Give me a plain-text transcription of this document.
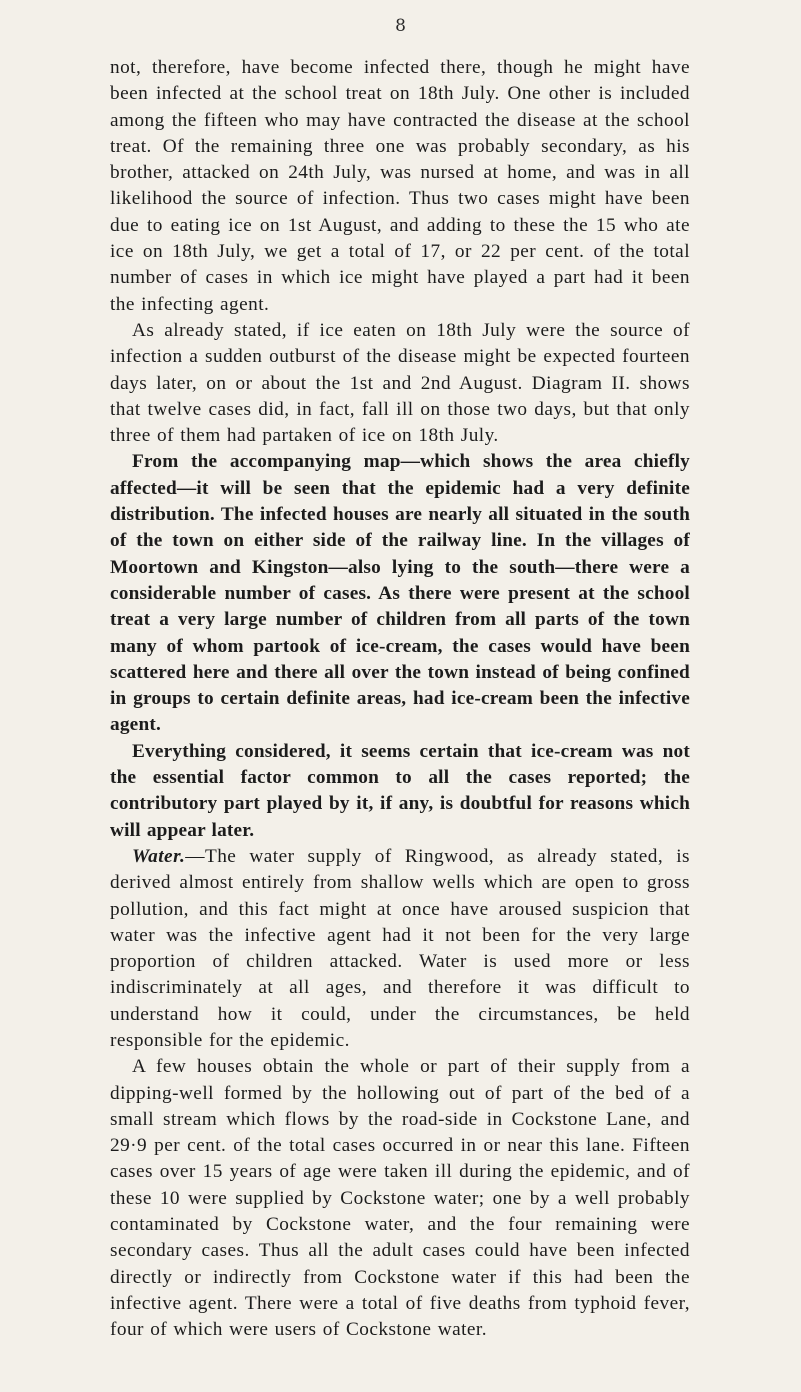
8

not, therefore, have become infected there, though he might have been infected at the school treat on 18th July. One other is included among the fifteen who may have contracted the disease at the school treat. Of the remaining three one was probably secondary, as his brother, attacked on 24th July, was nursed at home, and was in all likelihood the source of infection. Thus two cases might have been due to eating ice on 1st August, and adding to these the 15 who ate ice on 18th July, we get a total of 17, or 22 per cent. of the total number of cases in which ice might have played a part had it been the infecting agent.

As already stated, if ice eaten on 18th July were the source of infection a sudden outburst of the disease might be expected fourteen days later, on or about the 1st and 2nd August. Diagram II. shows that twelve cases did, in fact, fall ill on those two days, but that only three of them had partaken of ice on 18th July.

From the accompanying map—which shows the area chiefly affected—it will be seen that the epidemic had a very definite distribution. The infected houses are nearly all situated in the south of the town on either side of the railway line. In the villages of Moortown and Kingston—also lying to the south—there were a considerable number of cases. As there were present at the school treat a very large number of children from all parts of the town many of whom partook of ice-cream, the cases would have been scattered here and there all over the town instead of being confined in groups to certain definite areas, had ice-cream been the infective agent.

Everything considered, it seems certain that ice-cream was not the essential factor common to all the cases reported; the contributory part played by it, if any, is doubtful for reasons which will appear later.

Water.—The water supply of Ringwood, as already stated, is derived almost entirely from shallow wells which are open to gross pollution, and this fact might at once have aroused suspicion that water was the infective agent had it not been for the very large proportion of children attacked. Water is used more or less indiscriminately at all ages, and therefore it was difficult to understand how it could, under the circumstances, be held responsible for the epidemic.

A few houses obtain the whole or part of their supply from a dipping-well formed by the hollowing out of part of the bed of a small stream which flows by the road-side in Cockstone Lane, and 29·9 per cent. of the total cases occurred in or near this lane. Fifteen cases over 15 years of age were taken ill during the epidemic, and of these 10 were supplied by Cockstone water; one by a well probably contaminated by Cockstone water, and the four remaining were secondary cases. Thus all the adult cases could have been infected directly or indirectly from Cockstone water if this had been the infective agent. There were a total of five deaths from typhoid fever, four of which were users of Cockstone water.
